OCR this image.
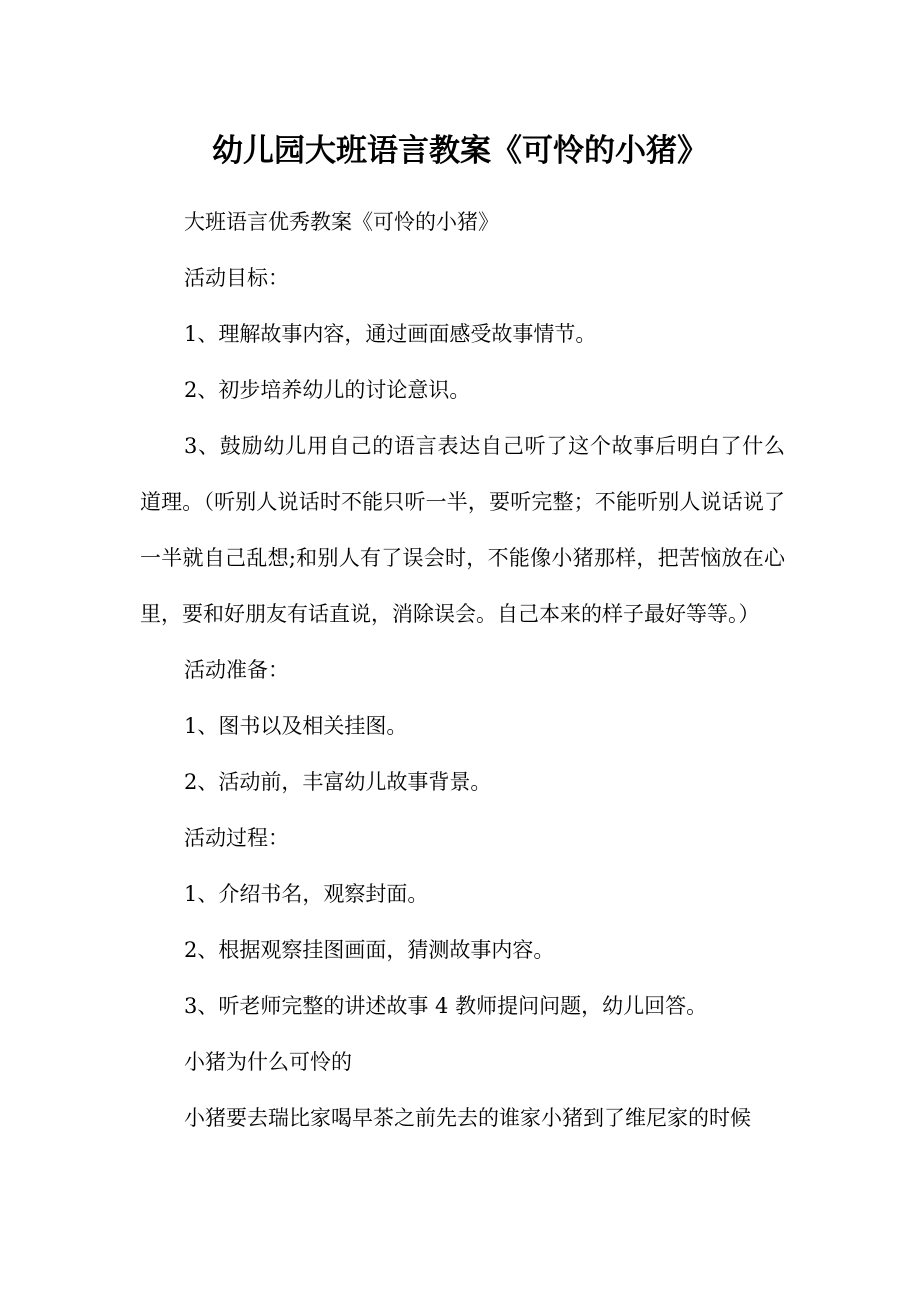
幼儿园大班语言教案《可怜的小猪》

大班语言优秀教案《可怜的小猪》

活动目标：

1、理解故事内容，通过画面感受故事情节。

2、初步培养幼儿的讨论意识。

3、鼓励幼儿用自己的语言表达自己听了这个故事后明白了什么道理。（听别人说话时不能只听一半，要听完整；不能听别人说话说了一半就自己乱想;和别人有了误会时，不能像小猪那样，把苦恼放在心里，要和好朋友有话直说，消除误会。自己本来的样子最好等等。）

活动准备：

1、图书以及相关挂图。

2、活动前，丰富幼儿故事背景。

活动过程：

1、介绍书名，观察封面。

2、根据观察挂图画面，猜测故事内容。

3、听老师完整的讲述故事 4 教师提问问题，幼儿回答。

小猪为什么可怜的

小猪要去瑞比家喝早茶之前先去的谁家小猪到了维尼家的时候
